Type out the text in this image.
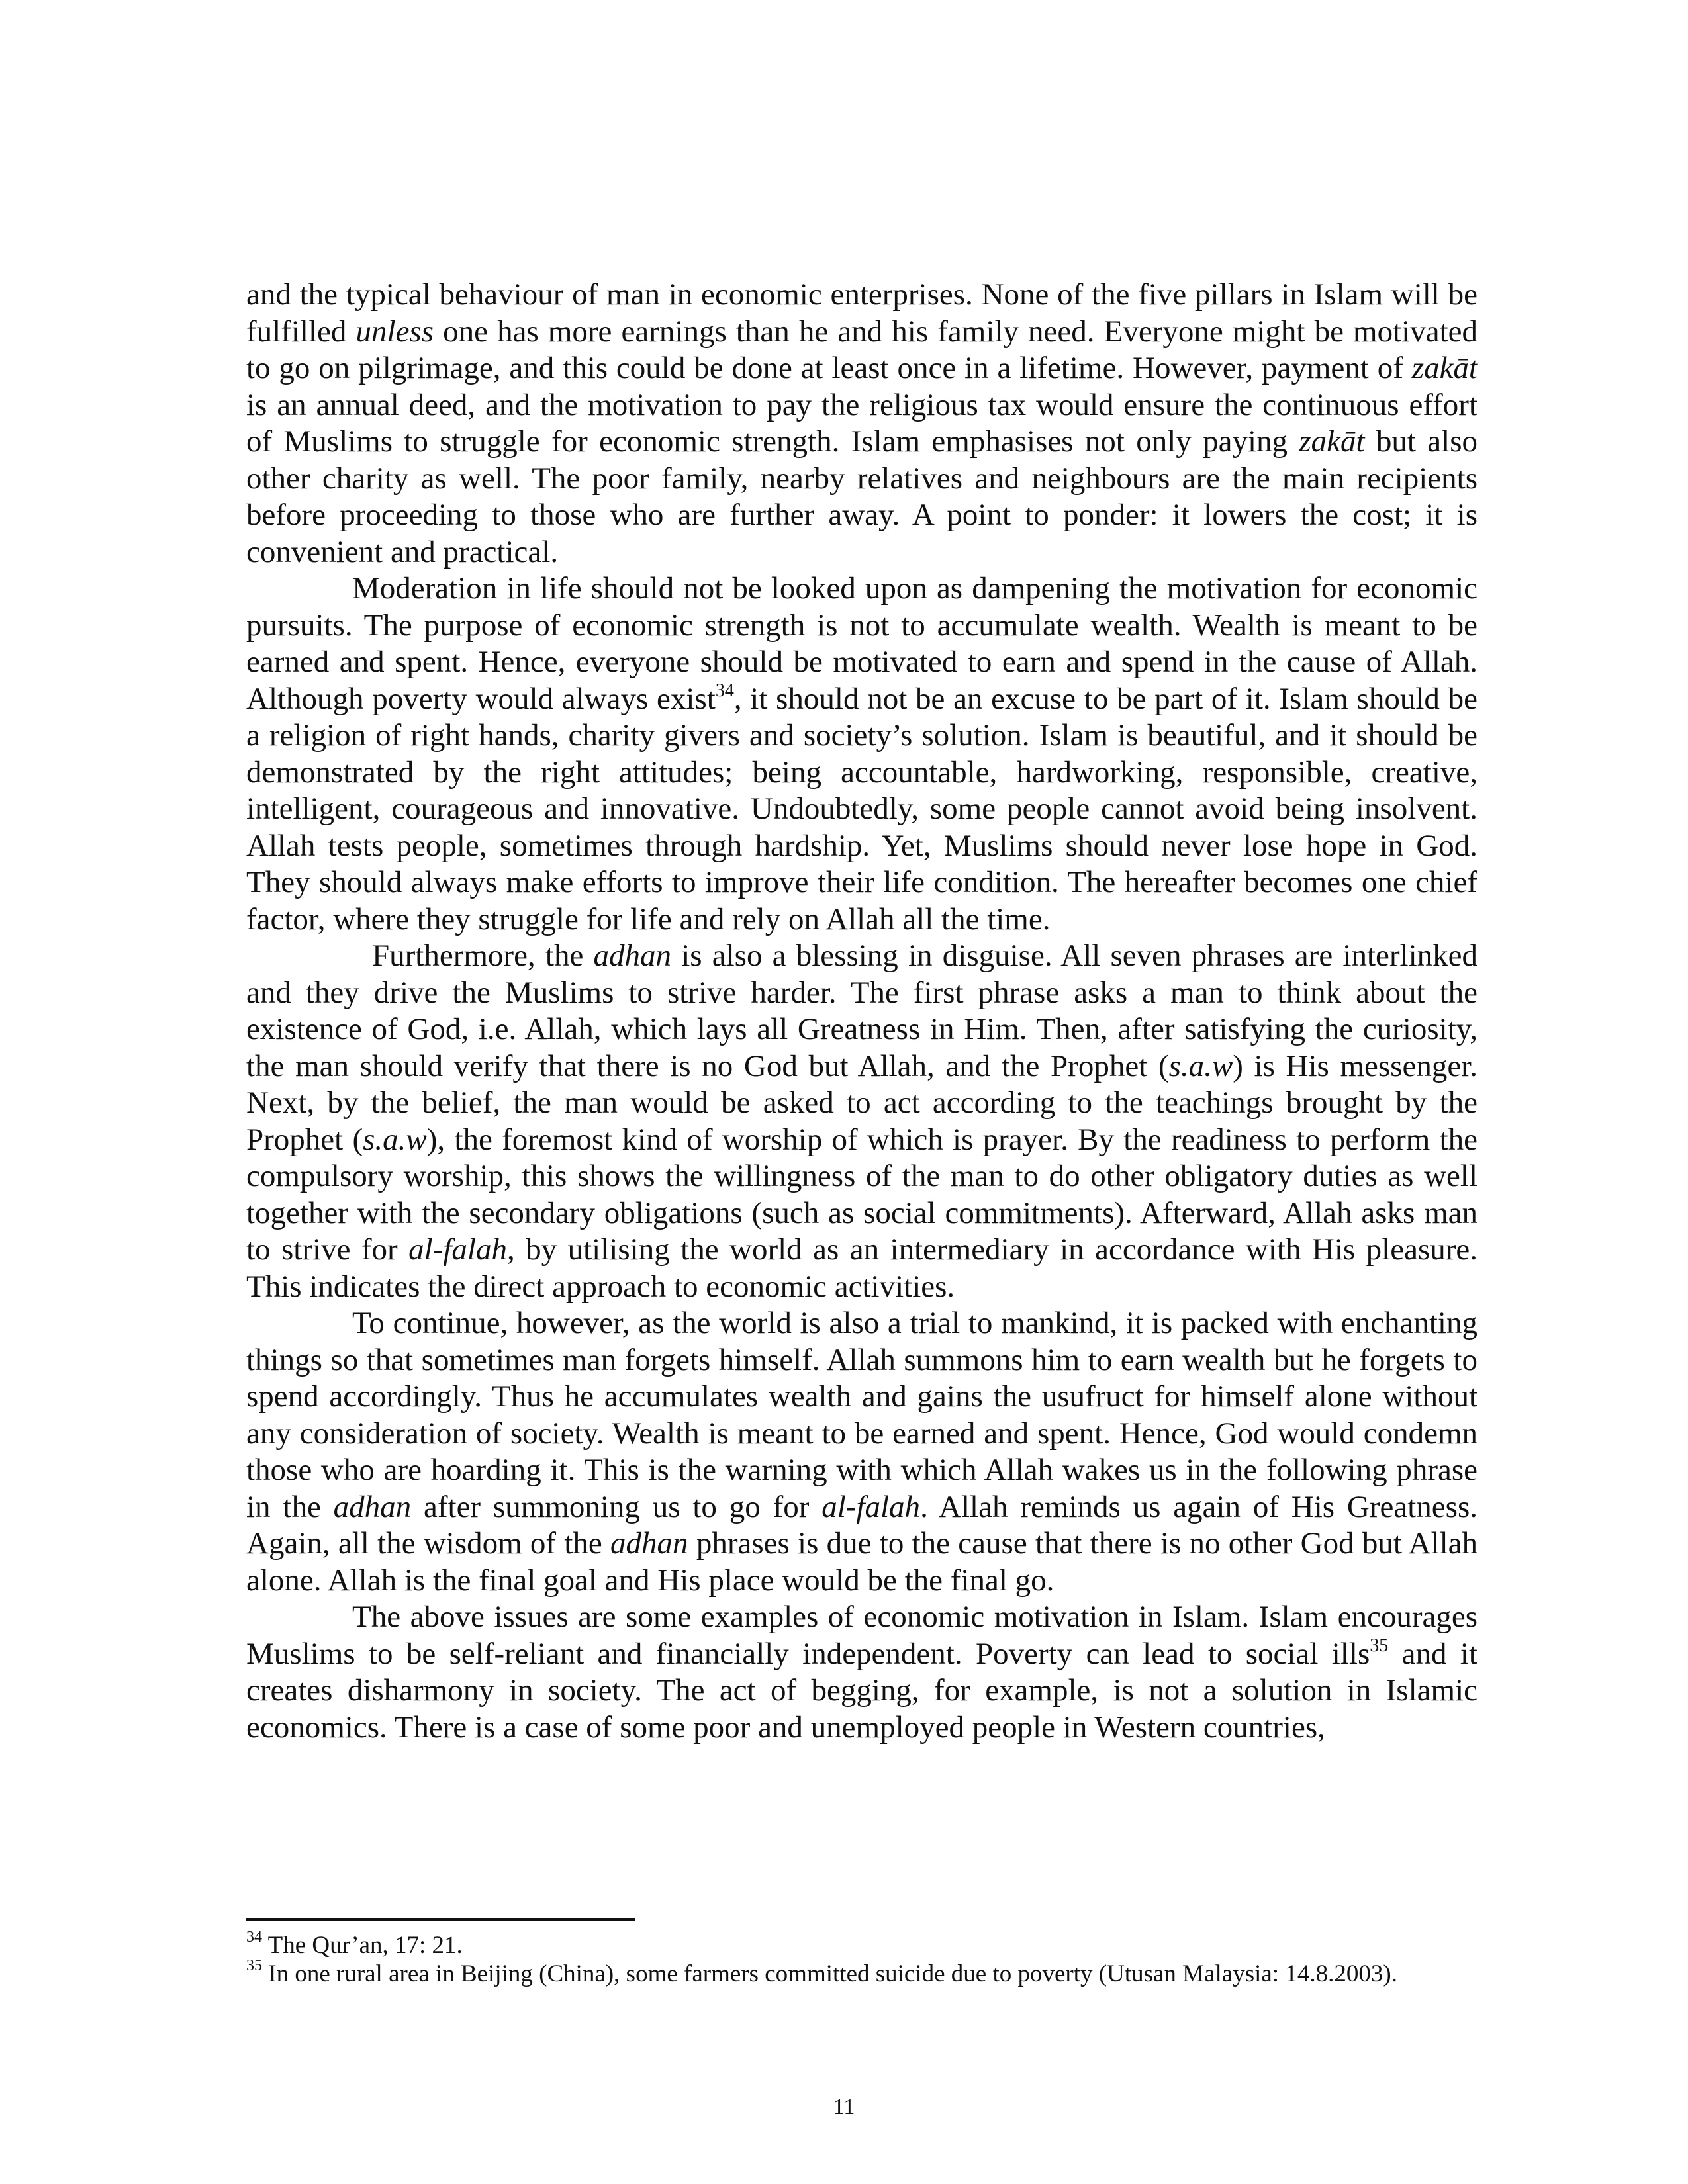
and the typical behaviour of man in economic enterprises. None of the five pillars in Islam will be fulfilled unless one has more earnings than he and his family need. Everyone might be motivated to go on pilgrimage, and this could be done at least once in a lifetime. However, payment of zakāt is an annual deed, and the motivation to pay the religious tax would ensure the continuous effort of Muslims to struggle for economic strength. Islam emphasises not only paying zakāt but also other charity as well. The poor family, nearby relatives and neighbours are the main recipients before proceeding to those who are further away. A point to ponder: it lowers the cost; it is convenient and practical.

Moderation in life should not be looked upon as dampening the motivation for economic pursuits. The purpose of economic strength is not to accumulate wealth. Wealth is meant to be earned and spent. Hence, everyone should be motivated to earn and spend in the cause of Allah. Although poverty would always exist$^{34}$, it should not be an excuse to be part of it. Islam should be a religion of right hands, charity givers and society’s solution. Islam is beautiful, and it should be demonstrated by the right attitudes; being accountable, hardworking, responsible, creative, intelligent, courageous and innovative. Undoubtedly, some people cannot avoid being insolvent. Allah tests people, sometimes through hardship. Yet, Muslims should never lose hope in God. They should always make efforts to improve their life condition. The hereafter becomes one chief factor, where they struggle for life and rely on Allah all the time.

Furthermore, the adhan is also a blessing in disguise. All seven phrases are interlinked and they drive the Muslims to strive harder. The first phrase asks a man to think about the existence of God, i.e. Allah, which lays all Greatness in Him. Then, after satisfying the curiosity, the man should verify that there is no God but Allah, and the Prophet (s.a.w) is His messenger. Next, by the belief, the man would be asked to act according to the teachings brought by the Prophet (s.a.w), the foremost kind of worship of which is prayer. By the readiness to perform the compulsory worship, this shows the willingness of the man to do other obligatory duties as well together with the secondary obligations (such as social commitments). Afterward, Allah asks man to strive for al-falah, by utilising the world as an intermediary in accordance with His pleasure. This indicates the direct approach to economic activities.

To continue, however, as the world is also a trial to mankind, it is packed with enchanting things so that sometimes man forgets himself. Allah summons him to earn wealth but he forgets to spend accordingly. Thus he accumulates wealth and gains the usufruct for himself alone without any consideration of society. Wealth is meant to be earned and spent. Hence, God would condemn those who are hoarding it. This is the warning with which Allah wakes us in the following phrase in the adhan after summoning us to go for al-falah. Allah reminds us again of His Greatness. Again, all the wisdom of the adhan phrases is due to the cause that there is no other God but Allah alone. Allah is the final goal and His place would be the final go.

The above issues are some examples of economic motivation in Islam. Islam encourages Muslims to be self-reliant and financially independent. Poverty can lead to social ills$^{35}$ and it creates disharmony in society. The act of begging, for example, is not a solution in Islamic economics. There is a case of some poor and unemployed people in Western countries,

$^{34}$ The Qur’an, 17: 21.

$^{35}$ In one rural area in Beijing (China), some farmers committed suicide due to poverty (Utusan Malaysia: 14.8.2003).

11
